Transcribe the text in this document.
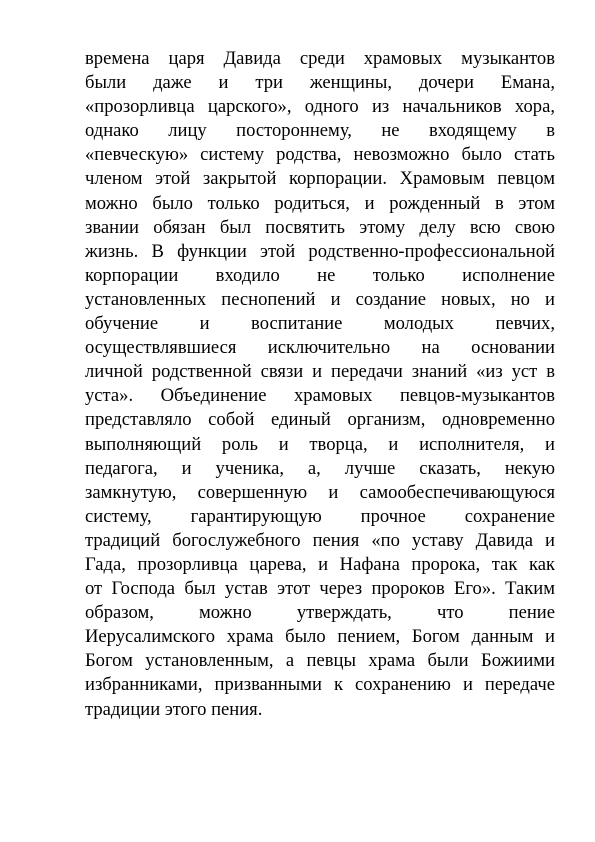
времена царя Давида среди храмовых музыкантов
были даже и три женщины, дочери Емана,
«прозорливца царского», одного из начальников хора,
однако лицу постороннему, не входящему в
«певческую» систему родства, невозможно было стать
членом этой закрытой корпорации. Храмовым певцом
можно было только родиться, и рожденный в этом
звании обязан был посвятить этому делу всю свою
жизнь. В функции этой родственно-профессиональной
корпорации входило не только исполнение
установленных песнопений и создание новых, но и
обучение и воспитание молодых певчих,
осуществлявшиеся исключительно на основании
личной родственной связи и передачи знаний «из уст в
уста». Объединение храмовых певцов-музыкантов
представляло собой единый организм, одновременно
выполняющий роль и творца, и исполнителя, и
педагога, и ученика, а, лучше сказать, некую
замкнутую, совершенную и самообеспечивающуюся
систему, гарантирующую прочное сохранение
традиций богослужебного пения «по уставу Давида и
Гада, прозорливца царева, и Нафана пророка, так как
от Господа был устав этот через пророков Его». Таким
образом, можно утверждать, что пение
Иерусалимского храма было пением, Богом данным и
Богом установленным, а певцы храма были Божиими
избранниками, призванными к сохранению и передаче
традиции этого пения.
